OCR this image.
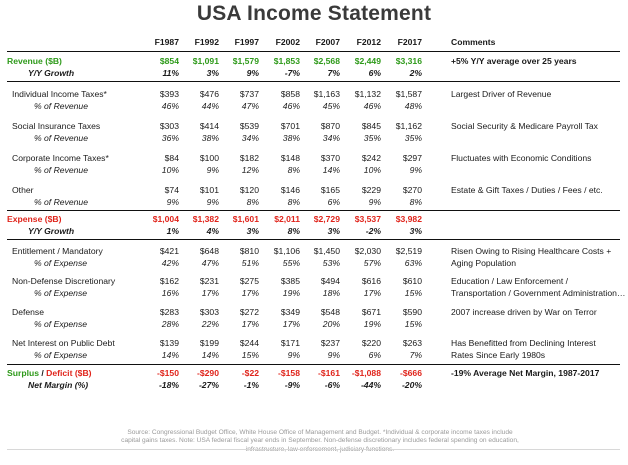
USA Income Statement
F1987	F1992	F1997	F2002	F2007	F2012	F2017	Comments
Revenue ($B)	$854	$1,091	$1,579	$1,853	$2,568	$2,449	$3,316	+5% Y/Y average over 25 years
Y/Y Growth	11%	3%	9%	-7%	7%	6%	2%
Individual Income Taxes*	$393	$476	$737	$858	$1,163	$1,132	$1,587	Largest Driver of Revenue
% of Revenue	46%	44%	47%	46%	45%	46%	48%
Social Insurance Taxes	$303	$414	$539	$701	$870	$845	$1,162	Social Security & Medicare Payroll Tax
% of Revenue	36%	38%	34%	38%	34%	35%	35%
Corporate Income Taxes*	$84	$100	$182	$148	$370	$242	$297	Fluctuates with Economic Conditions
% of Revenue	10%	9%	12%	8%	14%	10%	9%
Other	$74	$101	$120	$146	$165	$229	$270	Estate & Gift Taxes / Duties / Fees / etc.
% of Revenue	9%	9%	8%	8%	6%	9%	8%
Expense ($B)	$1,004	$1,382	$1,601	$2,011	$2,729	$3,537	$3,982
Y/Y Growth	1%	4%	3%	8%	3%	-2%	3%
Entitlement / Mandatory	$421	$648	$810	$1,106	$1,450	$2,030	$2,519	Risen Owing to Rising Healthcare Costs +
% of Expense	42%	47%	51%	55%	53%	57%	63%	Aging Population
Non-Defense Discretionary	$162	$231	$275	$385	$494	$616	$610	Education / Law Enforcement /
% of Expense	16%	17%	17%	19%	18%	17%	15%	Transportation / Government Administration…
Defense	$283	$303	$272	$349	$548	$671	$590	2007 increase driven by War on Terror
% of Expense	28%	22%	17%	17%	20%	19%	15%
Net Interest on Public Debt	$139	$199	$244	$171	$237	$220	$263	Has Benefitted from Declining Interest
% of Expense	14%	14%	15%	9%	9%	6%	7%	Rates Since Early 1980s
Surplus / Deficit ($B)	-$150	-$290	-$22	-$158	-$161	-$1,088	-$666	-19% Average Net Margin, 1987-2017
Net Margin (%)	-18%	-27%	-1%	-9%	-6%	-44%	-20%
Source: Congressional Budget Office, White House Office of Management and Budget. *Individual & corporate income taxes include capital gains taxes. Note: USA federal fiscal year ends in September. Non-defense discretionary includes federal spending on education, infrastructure, law enforcement, judiciary functions.
